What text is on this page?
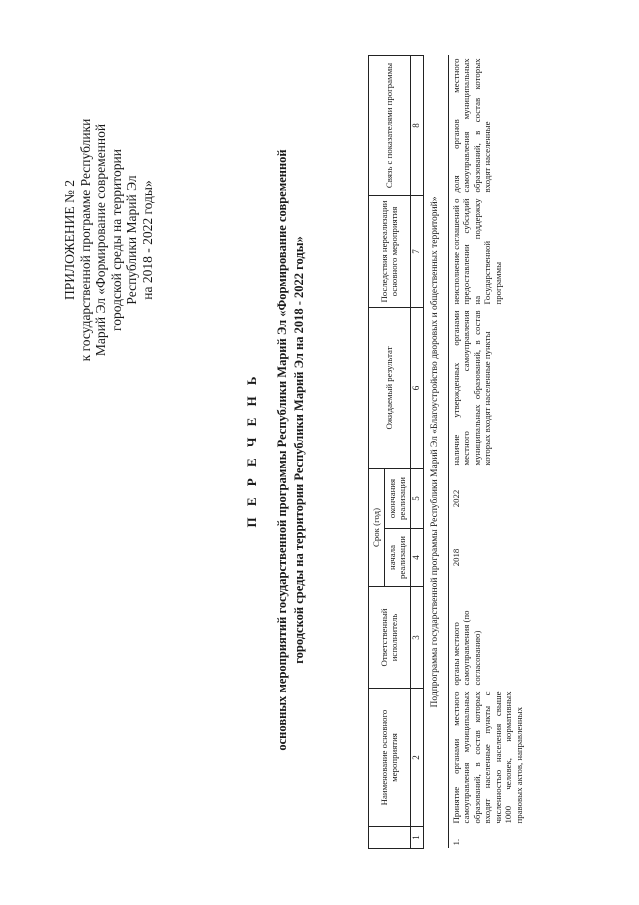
ПРИЛОЖЕНИЕ № 2 к государственной программе Республики Марий Эл «Формирование современной городской среды на территории Республики Марий Эл на 2018 - 2022 годы»
П Е Р Е Ч Е Н Ь основных мероприятий государственной программы Республики Марий Эл «Формирование современной городской среды на территории Республики Марий Эл на 2018 - 2022 годы»
	Наименование основного мероприятия	Ответственный исполнитель	Срок (год)		Ожидаемый результат	Последствия нереализации основного мероприятия	Связь с показателями программы
			начала реализации	окончания реализации			
1	2	3	4	5	6	7	8
Подпрограмма государственной программы Республики Марий Эл «Благоустройство дворовых и общественных территорий»							
1.	Принятие органами местного самоуправления муниципальных образований, в состав которых входят населенные пункты с численностью населения свыше 1000 человек, нормативных правовых актов, направленных	органы местного самоуправления (по согласованию)	2018	2022	наличие утвержденных органами местного самоуправления муниципальных образований, в состав которых входят населенные пункты	неисполнение соглашений о предоставлении субсидий на поддержку Государственной программы	доля органов местного самоуправления муниципальных образований, в состав которых входят населенные
